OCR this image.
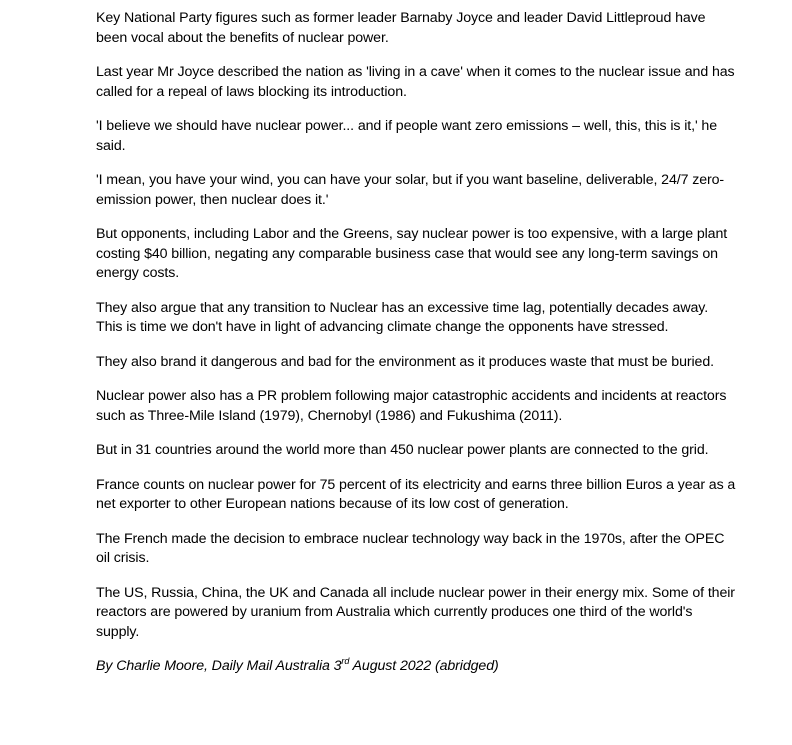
Key National Party figures such as former leader Barnaby Joyce and leader David Littleproud have been vocal about the benefits of nuclear power.

Last year Mr Joyce described the nation as 'living in a cave' when it comes to the nuclear issue and has called for a repeal of laws blocking its introduction.

'I believe we should have nuclear power... and if people want zero emissions – well, this, this is it,' he said.

'I mean, you have your wind, you can have your solar, but if you want baseline, deliverable, 24/7 zero-emission power, then nuclear does it.'

But opponents, including Labor and the Greens, say nuclear power is too expensive, with a large plant costing $40 billion, negating any comparable business case that would see any long-term savings on energy costs.

They also argue that any transition to Nuclear has an excessive time lag, potentially decades away. This is time we don't have in light of advancing climate change the opponents have stressed.

They also brand it dangerous and bad for the environment as it produces waste that must be buried.

Nuclear power also has a PR problem following major catastrophic accidents and incidents at reactors such as Three-Mile Island (1979), Chernobyl (1986) and Fukushima (2011).

But in 31 countries around the world more than 450 nuclear power plants are connected to the grid.

France counts on nuclear power for 75 percent of its electricity and earns three billion Euros a year as a net exporter to other European nations because of its low cost of generation.

The French made the decision to embrace nuclear technology way back in the 1970s, after the OPEC oil crisis.

The US, Russia, China, the UK and Canada all include nuclear power in their energy mix. Some of their reactors are powered by uranium from Australia which currently produces one third of the world's supply.

By Charlie Moore, Daily Mail Australia 3rd August 2022 (abridged)
